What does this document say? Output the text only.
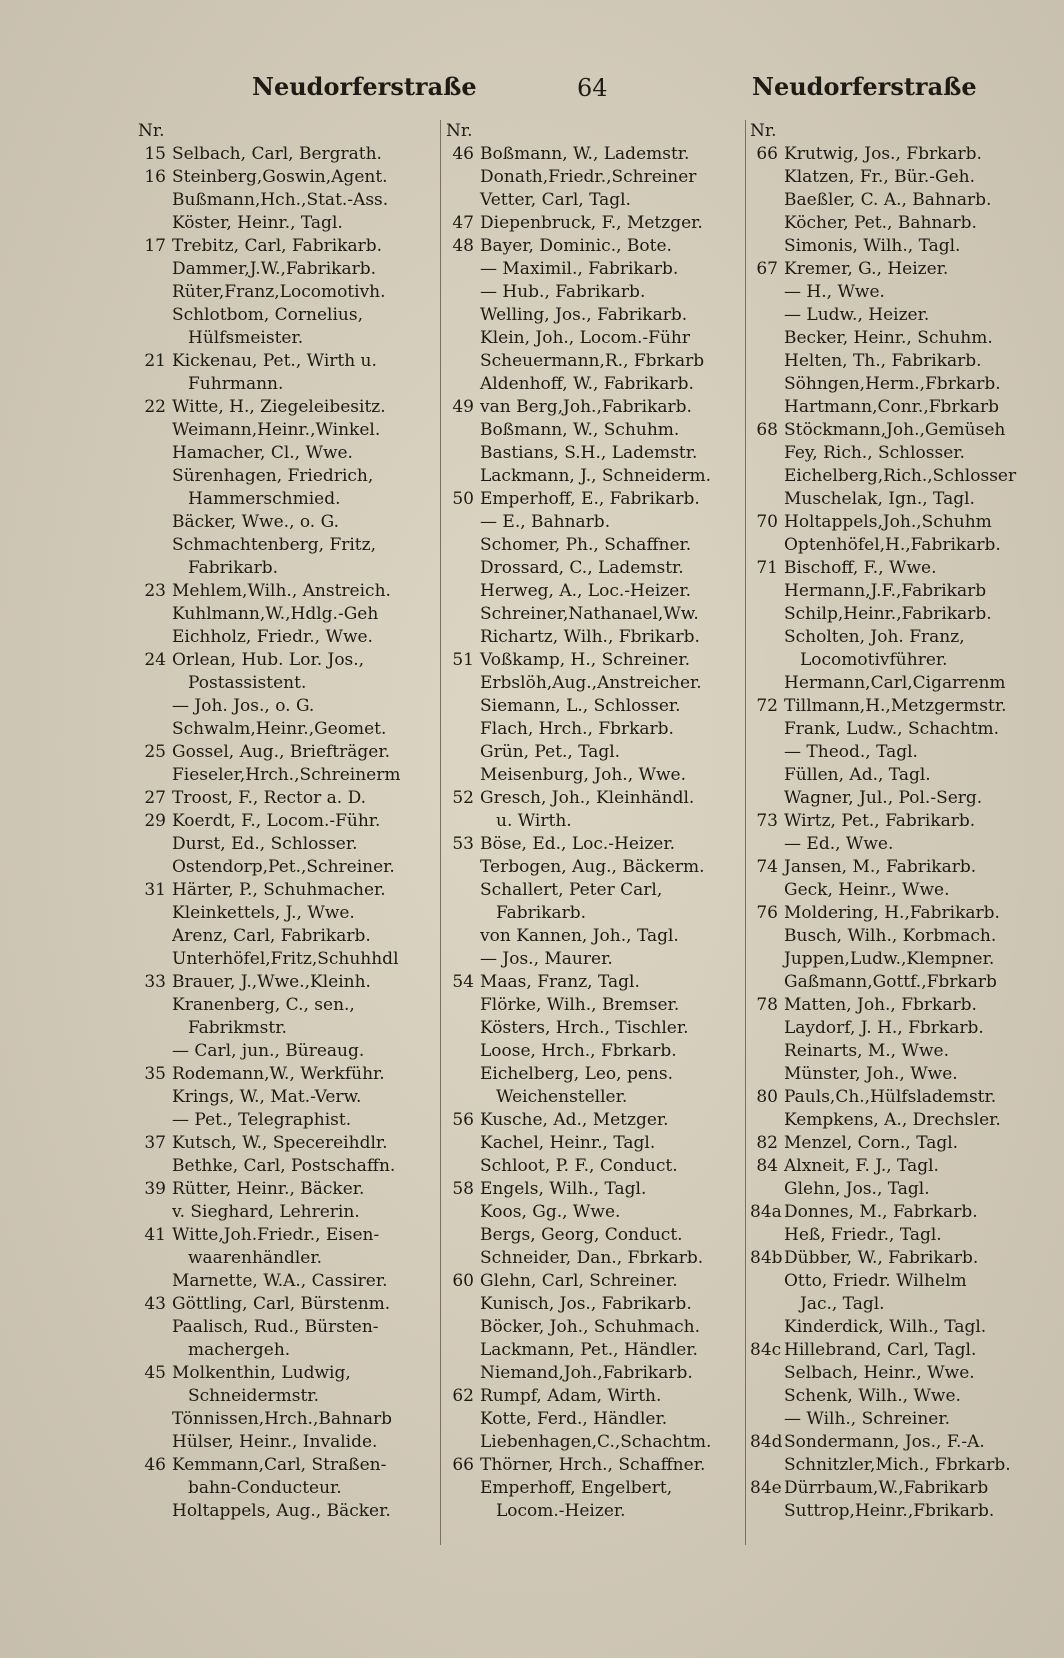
Neudorferstraße	64	Neudorferstraße
Nr.
15 Selbach, Carl, Bergrath.
16 Steinberg,Goswin,Agent.
Bußmann,Hch.,Stat.-Ass.
Köster, Heinr., Tagl.
17 Trebitz, Carl, Fabrikarb.
Dammer,J.W.,Fabrikarb.
Rüter,Franz,Locomotivh.
Schlotbom, Cornelius,
Hülfsmeister.
21 Kickenau, Pet., Wirth u.
Fuhrmann.
22 Witte, H., Ziegeleibesitz.
Weimann,Heinr.,Winkel.
Hamacher, Cl., Wwe.
Sürenhagen, Friedrich,
Hammerschmied.
Bäcker, Wwe., o. G.
Schmachtenberg, Fritz,
Fabrikarb.
23 Mehlem,Wilh., Anstreich.
Kuhlmann,W.,Hdlg.-Geh
Eichholz, Friedr., Wwe.
24 Orlean, Hub. Lor. Jos.,
Postassistent.
— Joh. Jos., o. G.
Schwalm,Heinr.,Geomet.
25 Gossel, Aug., Briefträger.
Fieseler,Hrch.,Schreinerm
27 Troost, F., Rector a. D.
29 Koerdt, F., Locom.-Führ.
Durst, Ed., Schlosser.
Ostendorp,Pet.,Schreiner.
31 Härter, P., Schuhmacher.
Kleinkettels, J., Wwe.
Arenz, Carl, Fabrikarb.
Unterhöfel,Fritz,Schuhhdl
33 Brauer, J.,Wwe.,Kleinh.
Kranenberg, C., sen.,
Fabrikmstr.
— Carl, jun., Büreaug.
35 Rodemann,W., Werkführ.
Krings, W., Mat.-Verw.
— Pet., Telegraphist.
37 Kutsch, W., Specereihdlr.
Bethke, Carl, Postschaffn.
39 Rütter, Heinr., Bäcker.
v. Sieghard, Lehrerin.
41 Witte,Joh.Friedr., Eisen-
waarenhändler.
Marnette, W.A., Cassirer.
43 Göttling, Carl, Bürstenm.
Paalisch, Rud., Bürsten-
machergeh.
45 Molkenthin, Ludwig,
Schneidermstr.
Tönnissen,Hrch.,Bahnarb
Hülser, Heinr., Invalide.
46 Kemmann,Carl, Straßen-
bahn-Conducteur.
Holtappels, Aug., Bäcker.
Nr.
46 Boßmann, W., Lademstr.
Donath,Friedr.,Schreiner
Vetter, Carl, Tagl.
47 Diepenbruck, F., Metzger.
48 Bayer, Dominic., Bote.
— Maximil., Fabrikarb.
— Hub., Fabrikarb.
Welling, Jos., Fabrikarb.
Klein, Joh., Locom.-Führ
Scheuermann,R., Fbrkarb
Aldenhoff, W., Fabrikarb.
49 van Berg,Joh.,Fabrikarb.
Boßmann, W., Schuhm.
Bastians, S.H., Lademstr.
Lackmann, J., Schneiderm.
50 Emperhoff, E., Fabrikarb.
— E., Bahnarb.
Schomer, Ph., Schaffner.
Drossard, C., Lademstr.
Herweg, A., Loc.-Heizer.
Schreiner,Nathanael,Ww.
Richartz, Wilh., Fbrikarb.
51 Voßkamp, H., Schreiner.
Erbslöh,Aug.,Anstreicher.
Siemann, L., Schlosser.
Flach, Hrch., Fbrkarb.
Grün, Pet., Tagl.
Meisenburg, Joh., Wwe.
52 Gresch, Joh., Kleinhändl.
u. Wirth.
53 Böse, Ed., Loc.-Heizer.
Terbogen, Aug., Bäckerm.
Schallert, Peter Carl,
Fabrikarb.
von Kannen, Joh., Tagl.
— Jos., Maurer.
54 Maas, Franz, Tagl.
Flörke, Wilh., Bremser.
Kösters, Hrch., Tischler.
Loose, Hrch., Fbrkarb.
Eichelberg, Leo, pens.
Weichensteller.
56 Kusche, Ad., Metzger.
Kachel, Heinr., Tagl.
Schloot, P. F., Conduct.
58 Engels, Wilh., Tagl.
Koos, Gg., Wwe.
Bergs, Georg, Conduct.
Schneider, Dan., Fbrkarb.
60 Glehn, Carl, Schreiner.
Kunisch, Jos., Fabrikarb.
Böcker, Joh., Schuhmach.
Lackmann, Pet., Händler.
Niemand,Joh.,Fabrikarb.
62 Rumpf, Adam, Wirth.
Kotte, Ferd., Händler.
Liebenhagen,C.,Schachtm.
66 Thörner, Hrch., Schaffner.
Emperhoff, Engelbert,
Locom.-Heizer.
Nr.
66 Krutwig, Jos., Fbrkarb.
Klatzen, Fr., Bür.-Geh.
Baeßler, C. A., Bahnarb.
Köcher, Pet., Bahnarb.
Simonis, Wilh., Tagl.
67 Kremer, G., Heizer.
— H., Wwe.
— Ludw., Heizer.
Becker, Heinr., Schuhm.
Helten, Th., Fabrikarb.
Söhngen,Herm.,Fbrkarb.
Hartmann,Conr.,Fbrkarb
68 Stöckmann,Joh.,Gemüseh
Fey, Rich., Schlosser.
Eichelberg,Rich.,Schlosser
Muschelak, Ign., Tagl.
70 Holtappels,Joh.,Schuhm
Optenhöfel,H.,Fabrikarb.
71 Bischoff, F., Wwe.
Hermann,J.F.,Fabrikarb
Schilp,Heinr.,Fabrikarb.
Scholten, Joh. Franz,
Locomotivführer.
Hermann,Carl,Cigarrenm
72 Tillmann,H.,Metzgermstr.
Frank, Ludw., Schachtm.
— Theod., Tagl.
Füllen, Ad., Tagl.
Wagner, Jul., Pol.-Serg.
73 Wirtz, Pet., Fabrikarb.
— Ed., Wwe.
74 Jansen, M., Fabrikarb.
Geck, Heinr., Wwe.
76 Moldering, H.,Fabrikarb.
Busch, Wilh., Korbmach.
Juppen,Ludw.,Klempner.
Gaßmann,Gottf.,Fbrkarb
78 Matten, Joh., Fbrkarb.
Laydorf, J. H., Fbrkarb.
Reinarts, M., Wwe.
Münster, Joh., Wwe.
80 Pauls,Ch.,Hülfslademstr.
Kempkens, A., Drechsler.
82 Menzel, Corn., Tagl.
84 Alxneit, F. J., Tagl.
Glehn, Jos., Tagl.
84a Donnes, M., Fabrkarb.
Heß, Friedr., Tagl.
84b Dübber, W., Fabrikarb.
Otto, Friedr. Wilhelm
Jac., Tagl.
Kinderdick, Wilh., Tagl.
84c Hillebrand, Carl, Tagl.
Selbach, Heinr., Wwe.
Schenk, Wilh., Wwe.
— Wilh., Schreiner.
84d Sondermann, Jos., F.-A.
Schnitzler,Mich., Fbrkarb.
84e Dürrbaum,W.,Fabrikarb
Suttrop,Heinr.,Fbrikarb.
